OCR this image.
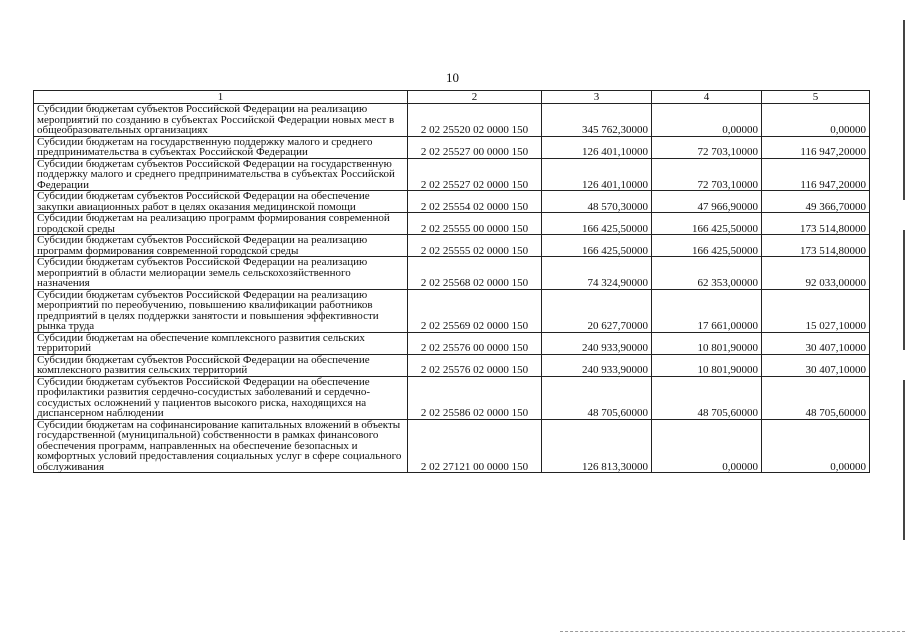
10
1	2	3	4	5
Субсидии бюджетам субъектов Российской Федерации на реализацию мероприятий по созданию в субъектах Российской Федерации новых мест в общеобразовательных организациях	2 02 25520 02 0000 150	345 762,30000	0,00000	0,00000
Субсидии бюджетам на государственную поддержку малого и среднего предпринимательства в субъектах Российской Федерации	2 02 25527 00 0000 150	126 401,10000	72 703,10000	116 947,20000
Субсидии бюджетам субъектов Российской Федерации на государственную поддержку малого и среднего предпринимательства в субъектах Российской Федерации	2 02 25527 02 0000 150	126 401,10000	72 703,10000	116 947,20000
Субсидии бюджетам субъектов Российской Федерации на обеспечение закупки авиационных работ в целях оказания медицинской помощи	2 02 25554 02 0000 150	48 570,30000	47 966,90000	49 366,70000
Субсидии бюджетам на реализацию программ формирования современной городской среды	2 02 25555 00 0000 150	166 425,50000	166 425,50000	173 514,80000
Субсидии бюджетам субъектов Российской Федерации на реализацию программ формирования современной городской среды	2 02 25555 02 0000 150	166 425,50000	166 425,50000	173 514,80000
Субсидии бюджетам субъектов Российской Федерации на реализацию мероприятий в области мелиорации земель сельскохозяйственного назначения	2 02 25568 02 0000 150	74 324,90000	62 353,00000	92 033,00000
Субсидии бюджетам субъектов Российской Федерации на реализацию мероприятий по переобучению, повышению квалификации работников предприятий в целях поддержки занятости и повышения эффективности рынка труда	2 02 25569 02 0000 150	20 627,70000	17 661,00000	15 027,10000
Субсидии бюджетам на обеспечение комплексного развития сельских территорий	2 02 25576 00 0000 150	240 933,90000	10 801,90000	30 407,10000
Субсидии бюджетам субъектов Российской Федерации на обеспечение комплексного развития сельских территорий	2 02 25576 02 0000 150	240 933,90000	10 801,90000	30 407,10000
Субсидии бюджетам субъектов Российской Федерации на обеспечение профилактики развития сердечно-сосудистых заболеваний и сердечно-сосудистых осложнений у пациентов высокого риска, находящихся на диспансерном наблюдении	2 02 25586 02 0000 150	48 705,60000	48 705,60000	48 705,60000
Субсидии бюджетам на софинансирование капитальных вложений в объекты государственной (муниципальной) собственности в рамках финансового обеспечения программ, направленных на обеспечение безопасных и комфортных условий предоставления социальных услуг в сфере социального обслуживания	2 02 27121 00 0000 150	126 813,30000	0,00000	0,00000
